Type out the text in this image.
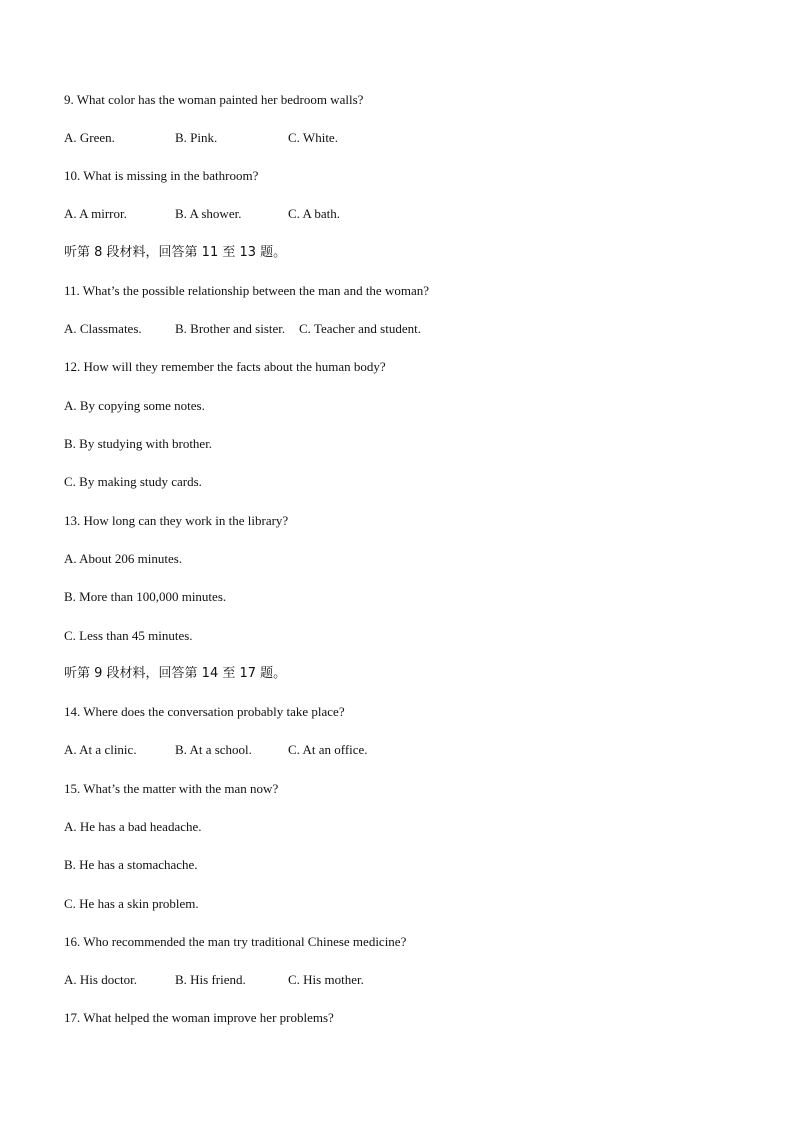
9. What color has the woman painted her bedroom walls?
A. Green.	B. Pink.	C. White.
10. What is missing in the bathroom?
A. A mirror.	B. A shower.	C. A bath.
听第 8 段材料，回答第 11 至 13 题。
11. What’s the possible relationship between the man and the woman?
A. Classmates.	B. Brother and sister. C. Teacher and student.
12. How will they remember the facts about the human body?
A. By copying some notes.
B. By studying with brother.
C. By making study cards.
13. How long can they work in the library?
A. About 206 minutes.
B. More than 100,000 minutes.
C. Less than 45 minutes.
听第 9 段材料，回答第 14 至 17 题。
14. Where does the conversation probably take place?
A. At a clinic.	B. At a school.	C. At an office.
15. What’s the matter with the man now?
A. He has a bad headache.
B. He has a stomachache.
C. He has a skin problem.
16. Who recommended the man try traditional Chinese medicine?
A. His doctor.	B. His friend.	C. His mother.
17. What helped the woman improve her problems?
